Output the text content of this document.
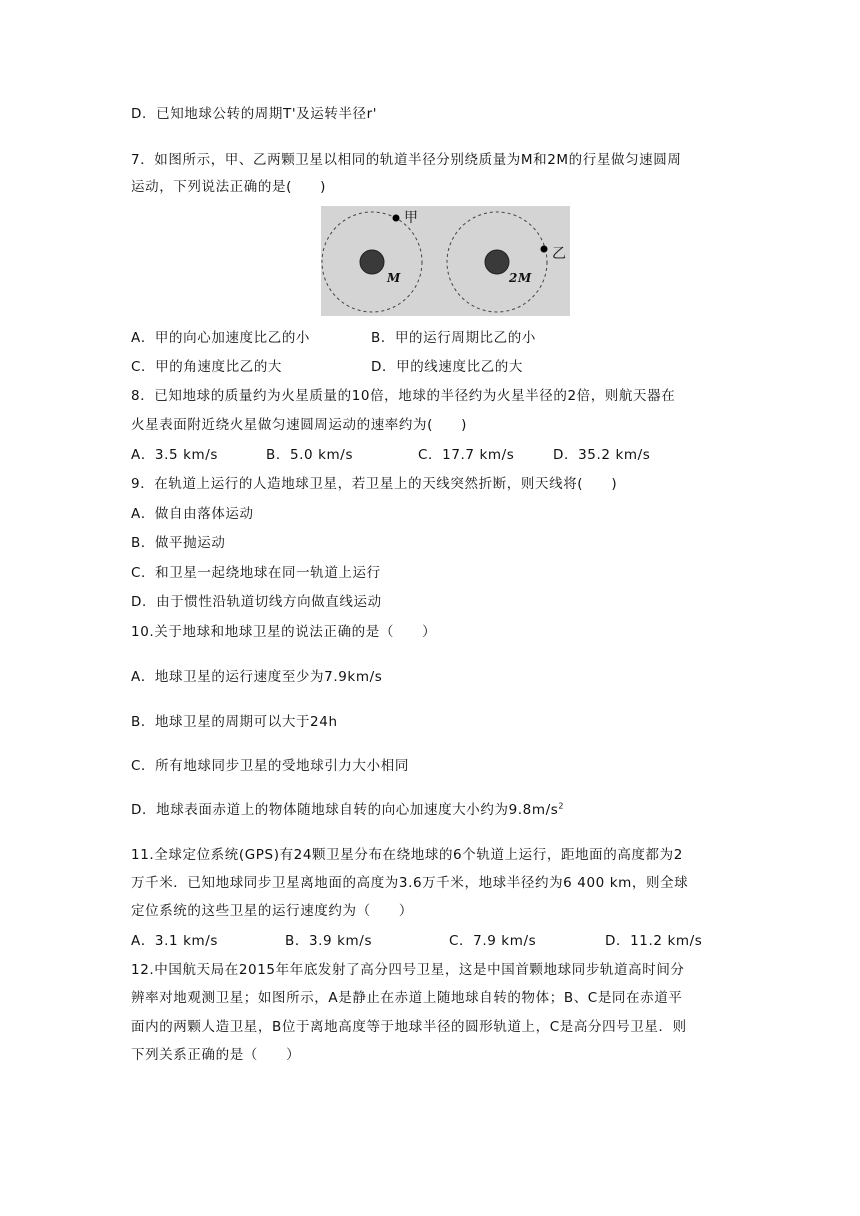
D．已知地球公转的周期T'及运转半径r'
7．如图所示，甲、乙两颗卫星以相同的轨道半径分别绕质量为M和2M的行星做匀速圆周
运动，下列说法正确的是(　　)
M	2M
甲
乙
A．甲的向心加速度比乙的小	B．甲的运行周期比乙的小
C．甲的角速度比乙的大	D．甲的线速度比乙的大
8．已知地球的质量约为火星质量的10倍，地球的半径约为火星半径的2倍，则航天器在
火星表面附近绕火星做匀速圆周运动的速率约为(　　)
A．3.5 km/s	B．5.0 km/s	C．17.7 km/s	D．35.2 km/s
9．在轨道上运行的人造地球卫星，若卫星上的天线突然折断，则天线将(　　)
A．做自由落体运动
B．做平抛运动
C．和卫星一起绕地球在同一轨道上运行
D．由于惯性沿轨道切线方向做直线运动
10.关于地球和地球卫星的说法正确的是（　　）
A．地球卫星的运行速度至少为7.9km/s
B．地球卫星的周期可以大于24h
C．所有地球同步卫星的受地球引力大小相同
D．地球表面赤道上的物体随地球自转的向心加速度大小约为$9.8m/s^2$
11.全球定位系统(GPS)有24颗卫星分布在绕地球的6个轨道上运行，距地面的高度都为2
万千米．已知地球同步卫星离地面的高度为3.6万千米，地球半径约为6 400 km，则全球
定位系统的这些卫星的运行速度约为（　　）
A．3.1 km/s	B．3.9 km/s	C．7.9 km/s	D．11.2 km/s
12.中国航天局在2015年年底发射了高分四号卫星，这是中国首颗地球同步轨道高时间分
辨率对地观测卫星；如图所示，A是静止在赤道上随地球自转的物体；B、C是同在赤道平
面内的两颗人造卫星，B位于离地高度等于地球半径的圆形轨道上，C是高分四号卫星．则
下列关系正确的是（　　）
